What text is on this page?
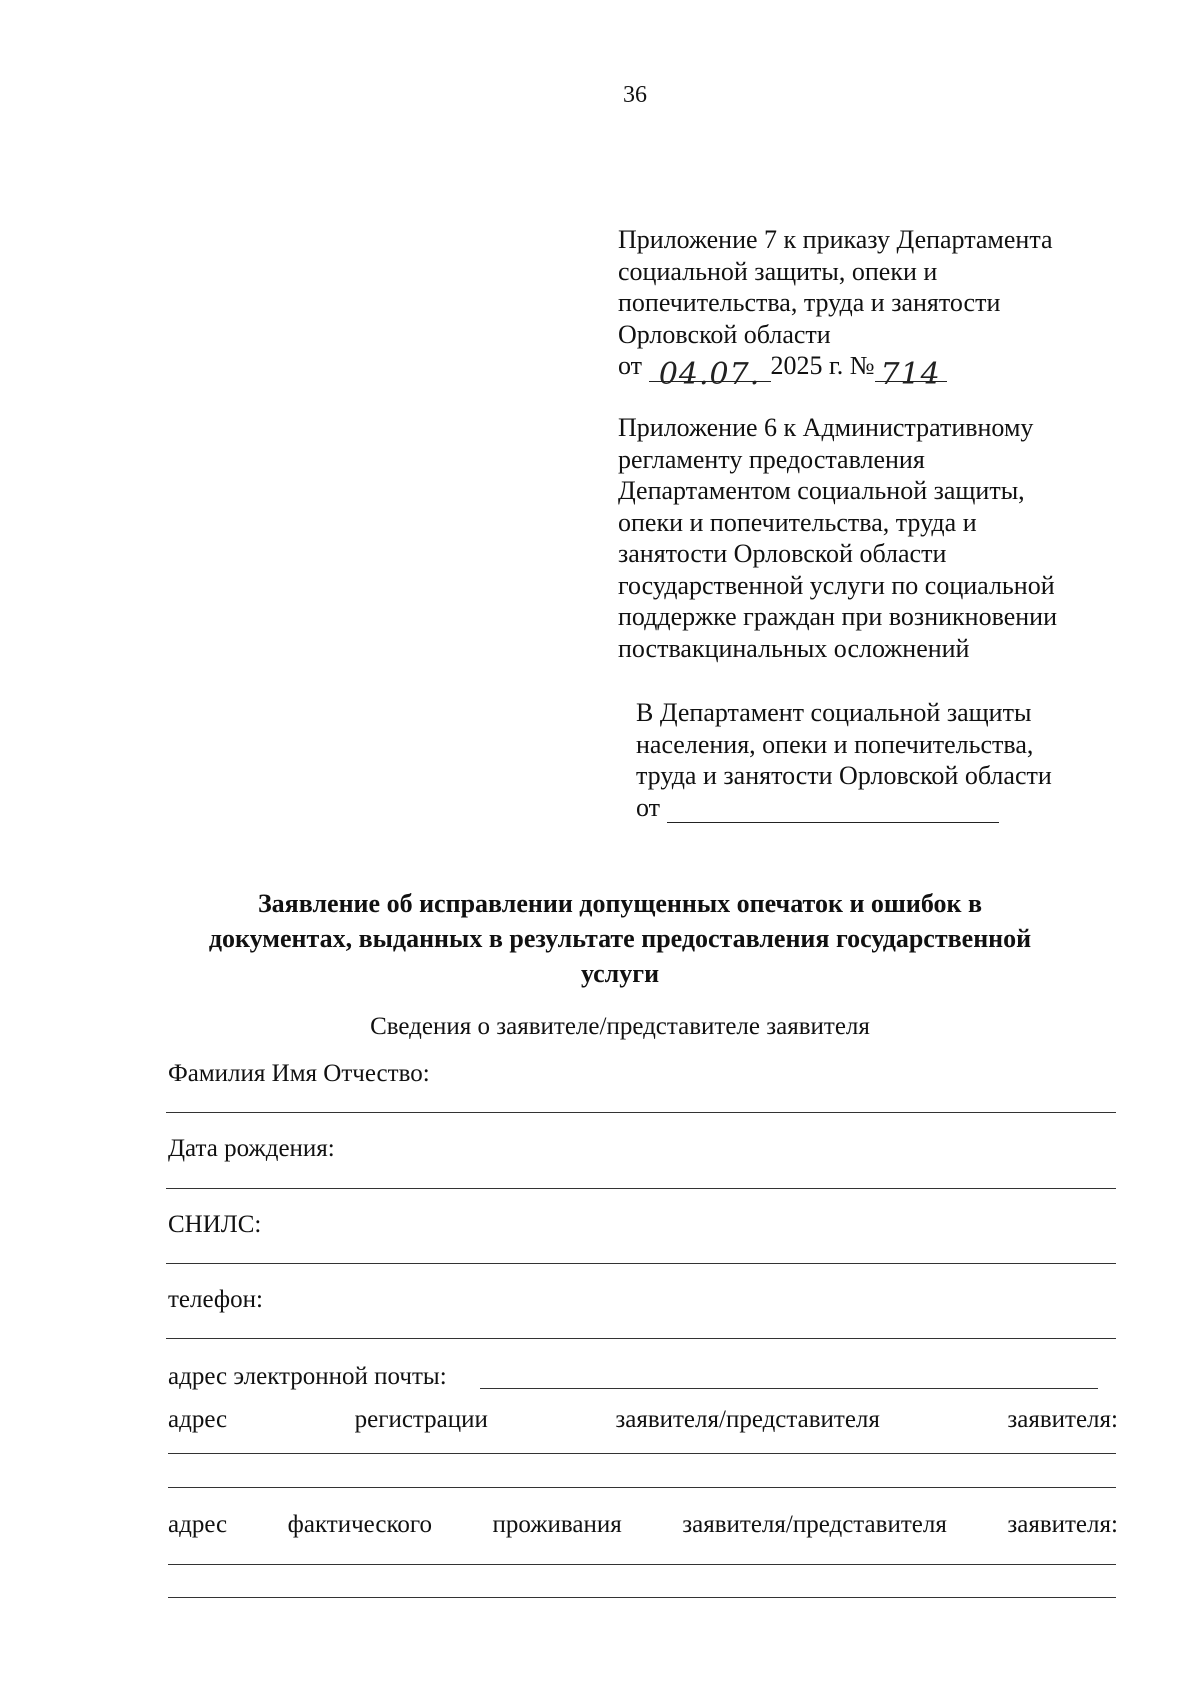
36
Приложение 7 к приказу Департамента
социальной защиты, опеки и
попечительства, труда и занятости
Орловской области
от 04.07. 2025 г. № 714
Приложение 6 к Административному
регламенту предоставления
Департаментом социальной защиты,
опеки и попечительства, труда и
занятости Орловской области
государственной услуги по социальной
поддержке граждан при возникновении
поствакцинальных осложнений
В Департамент социальной защиты
населения, опеки и попечительства,
труда и занятости Орловской области
от
Заявление об исправлении допущенных опечаток и ошибок в
документах, выданных в результате предоставления государственной
услуги
Сведения о заявителе/представителе заявителя
Фамилия Имя Отчество:
Дата рождения:
СНИЛС:
телефон:
адрес электронной почты:
адрес	регистрации	заявителя/представителя	заявителя:
адрес фактического проживания заявителя/представителя заявителя:
